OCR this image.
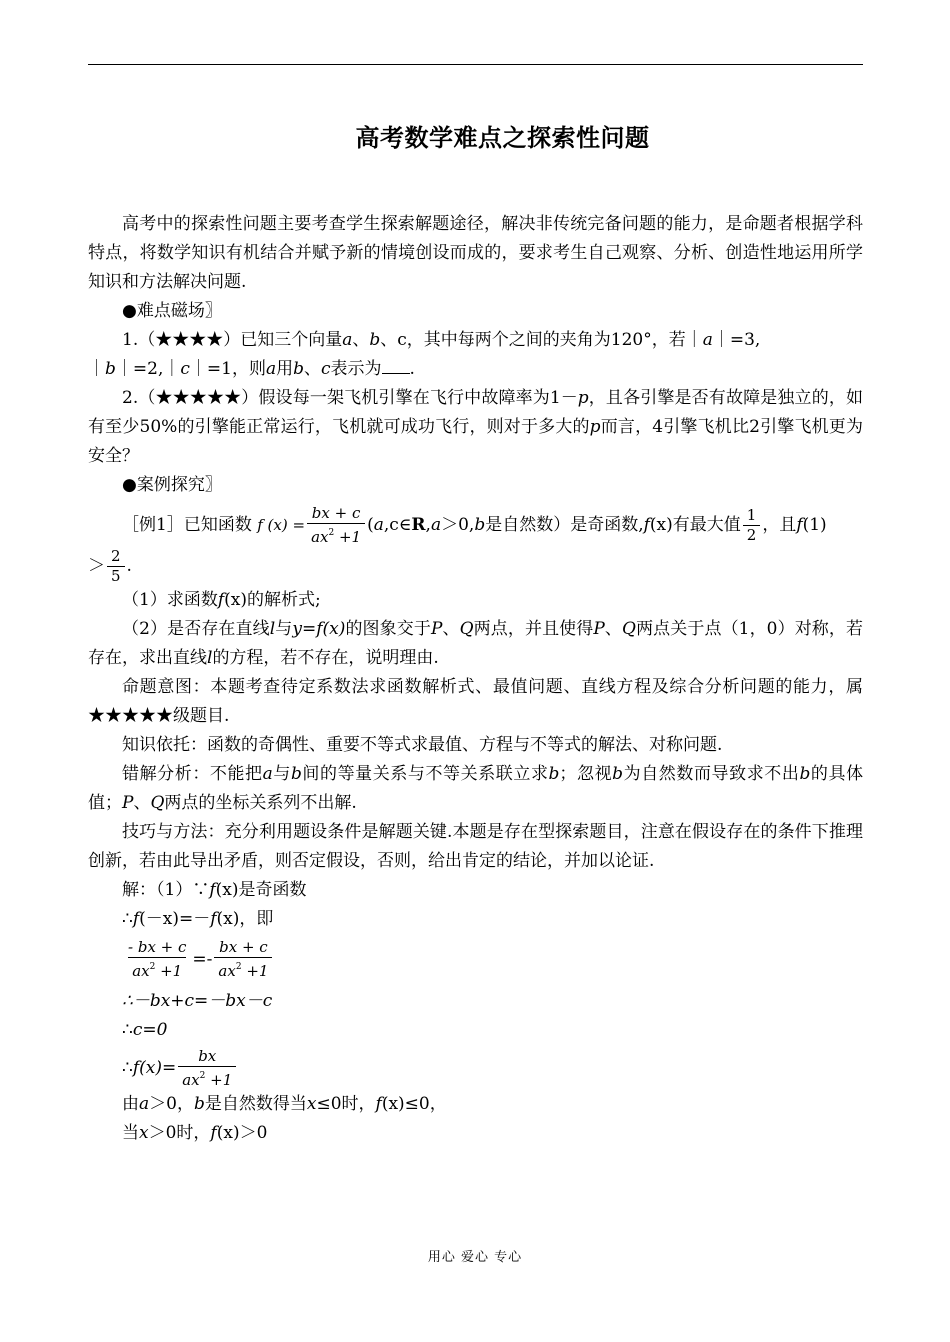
高考数学难点之探索性问题

高考中的探索性问题主要考查学生探索解题途径，解决非传统完备问题的能力，是命题者根据学科特点，将数学知识有机结合并赋予新的情境创设而成的，要求考生自己观察、分析、创造性地运用所学知识和方法解决问题.

●难点磁场〗

1.（★★★★）已知三个向量a、b、c，其中每两个之间的夹角为120°，若｜a｜=3,

｜b｜=2,｜c｜=1，则a用b、c表示为 .

2.（★★★★★）假设每一架飞机引擎在飞行中故障率为1－p，且各引擎是否有故障是独立的，如有至少50%的引擎能正常运行，飞机就可成功飞行，则对于多大的p而言，4引擎飞机比2引擎飞机更为安全？

●案例探究〗

［例1］已知函数 f $(x) = \frac{bx + c}{ax^2 +1}$ (a,c∈R,a＞0,b是自然数）是奇函数,f(x)有最大值 $\frac{1}{2}$ ，且f(1)

＞ $\frac{2}{5}$ .

（1）求函数f(x)的解析式;

（2）是否存在直线l与y=f(x)的图象交于P、Q两点，并且使得P、Q两点关于点（1，0）对称，若存在，求出直线l的方程，若不存在，说明理由.

命题意图：本题考查待定系数法求函数解析式、最值问题、直线方程及综合分析问题的能力，属★★★★★级题目.

知识依托：函数的奇偶性、重要不等式求最值、方程与不等式的解法、对称问题.

错解分析：不能把a与b间的等量关系与不等关系联立求b；忽视b为自然数而导致求不出b的具体值；P、Q两点的坐标关系列不出解.

技巧与方法：充分利用题设条件是解题关键.本题是存在型探索题目，注意在假设存在的条件下推理创新，若由此导出矛盾，则否定假设，否则，给出肯定的结论，并加以论证.

解：（1）∵f(x)是奇函数

∴f(－x)=－f(x)，即

$\frac{- bx + c}{ax^2 +1} =- \frac{bx + c}{ax^2 +1}$

∴－bx+c=－bx－c

∴c=0

∴f(x)= $\frac{bx}{ax^2 +1}$

由a＞0，b是自然数得当x≤0时，f(x)≤0，

当x＞0时，f(x)＞0

用心 爱心 专心
